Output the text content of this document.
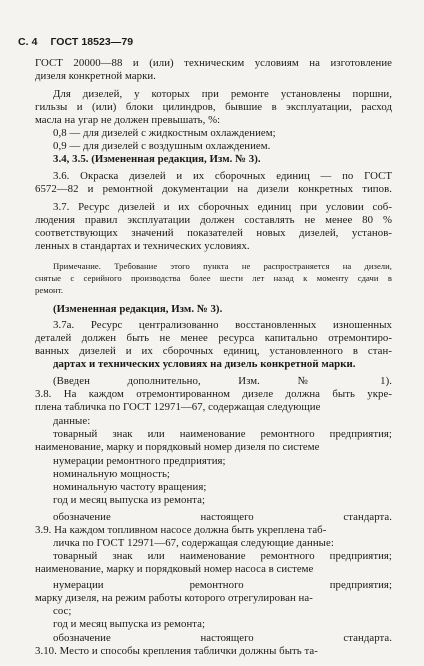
С. 4 ГОСТ 18523—79
ГОСТ 20000—88 и (или) техническим условиям на изготовление
дизеля конкретной марки.
Для дизелей, у которых при ремонте установлены поршни,
гильзы и (или) блоки цилиндров, бывшие в эксплуатации, расход
масла на угар не должен превышать, %:
0,8 — для дизелей с жидкостным охлаждением;
0,9 — для дизелей с воздушным охлаждением.
3.4, 3.5. (Измененная редакция, Изм. № 3).
3.6. Окраска дизелей и их сборочных единиц — по ГОСТ
6572—82 и ремонтной документации на дизели конкретных типов.
3.7. Ресурс дизелей и их сборочных единиц при условии соб-
людения правил эксплуатации должен составлять не менее 80 %
соответствующих значений показателей новых дизелей, установ-
ленных в стандартах и технических условиях.
Примечание. Требование этого пункта не распространяется на дизели,
снятые с серийного производства более шести лет назад к моменту сдачи в
ремонт.
(Измененная редакция, Изм. № 3).
3.7а. Ресурс централизованно восстановленных изношенных
деталей должен быть не менее ресурса капитально отремонтиро-
ванных дизелей и их сборочных единиц, установленного в стан-
дартах и технических условиях на дизель конкретной марки.
(Введен дополнительно, Изм. № 1).
3.8. На каждом отремонтированном дизеле должна быть укре-
плена табличка по ГОСТ 12971—67, содержащая следующие
данные:
товарный знак или наименование ремонтного предприятия;
наименование, марку и порядковый номер дизеля по системе
нумерации ремонтного предприятия;
номинальную мощность;
номинальную частоту вращения;
год и месяц выпуска из ремонта;
обозначение настоящего стандарта.
3.9. На каждом топливном насосе должна быть укреплена таб-
личка по ГОСТ 12971—67, содержащая следующие данные:
товарный знак или наименование ремонтного предприятия;
наименование, марку и порядковый номер насоса в системе
нумерации ремонтного предприятия;
марку дизеля, на режим работы которого отрегулирован на-
сос;
год и месяц выпуска из ремонта;
обозначение настоящего стандарта.
3.10. Место и способы крепления таблички должны быть та-
